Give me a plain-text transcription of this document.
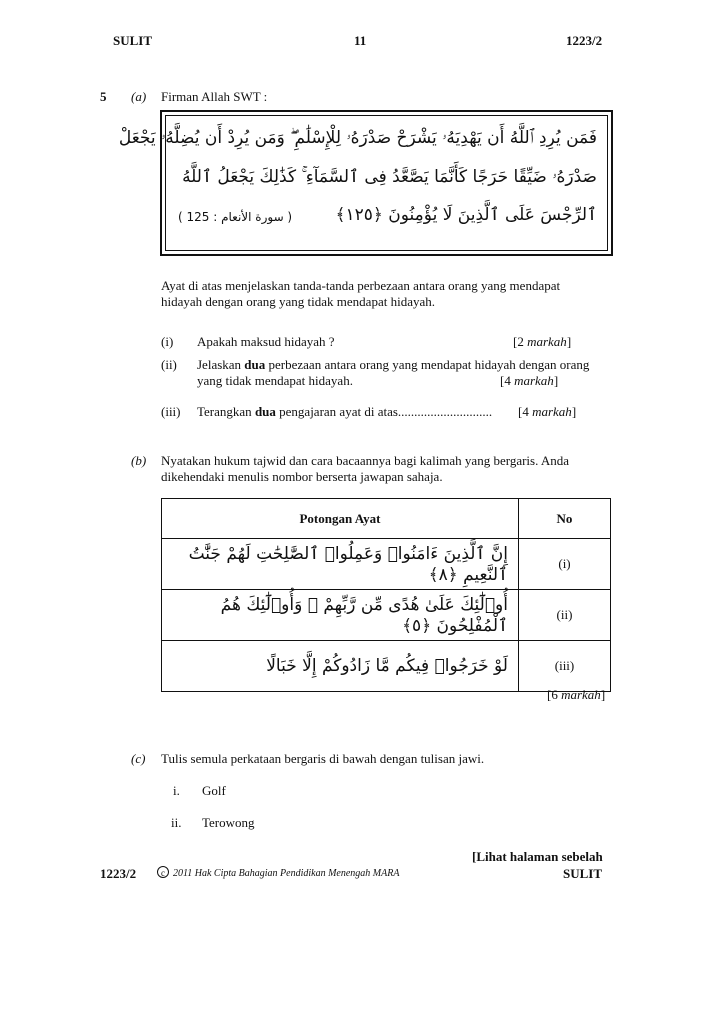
SULIT	11	1223/2
5 (a) Firman Allah SWT :
فَمَن يُرِدِ ٱللَّهُ أَن يَهْدِيَهُۥ يَشْرَحْ صَدْرَهُۥ لِلْإِسْلَٰمِ ۖ وَمَن يُرِدْ أَن يُضِلَّهُۥ يَجْعَلْ
صَدْرَهُۥ ضَيِّقًا حَرَجًا كَأَنَّمَا يَصَّعَّدُ فِى ٱلسَّمَآءِ ۚ كَذَٰلِكَ يَجْعَلُ ٱللَّهُ
ٱلرِّجْسَ عَلَى ٱلَّذِينَ لَا يُؤْمِنُونَ ﴿١٢٥﴾
( سورة الأنعام : 125 )
Ayat di atas menjelaskan tanda-tanda perbezaan antara orang yang mendapat
hidayah dengan orang yang tidak mendapat hidayah.
(i) Apakah maksud hidayah ?	[2 markah]
(ii) Jelaskan dua perbezaan antara orang yang mendapat hidayah dengan orang
yang tidak mendapat hidayah.	[4 markah]
(iii) Terangkan dua pengajaran ayat di atas............................. [4 markah]
(b) Nyatakan hukum tajwid dan cara bacaannya bagi kalimah yang bergaris. Anda
dikehendaki menulis nombor berserta jawapan sahaja.
Potongan Ayat	No
إِنَّ ٱلَّذِينَ ءَامَنُوا۟ وَعَمِلُوا۟ ٱلصَّٰلِحَٰتِ لَهُمْ جَنَّٰتُ ٱلنَّعِيمِ ﴿٨﴾	(i)
أُو۟لَٰٓئِكَ عَلَىٰ هُدًى مِّن رَّبِّهِمْ ۖ وَأُو۟لَٰٓئِكَ هُمُ ٱلْمُفْلِحُونَ ﴿٥﴾	(ii)
لَوْ خَرَجُوا۟ فِيكُم مَّا زَادُوكُمْ إِلَّا خَبَالًا	(iii)
[6 markah]
(c) Tulis semula perkataan bergaris di bawah dengan tulisan jawi.
i. Golf
ii. Terowong
[Lihat halaman sebelah
1223/2	c 2011 Hak Cipta Bahagian Pendidikan Menengah MARA	SULIT
